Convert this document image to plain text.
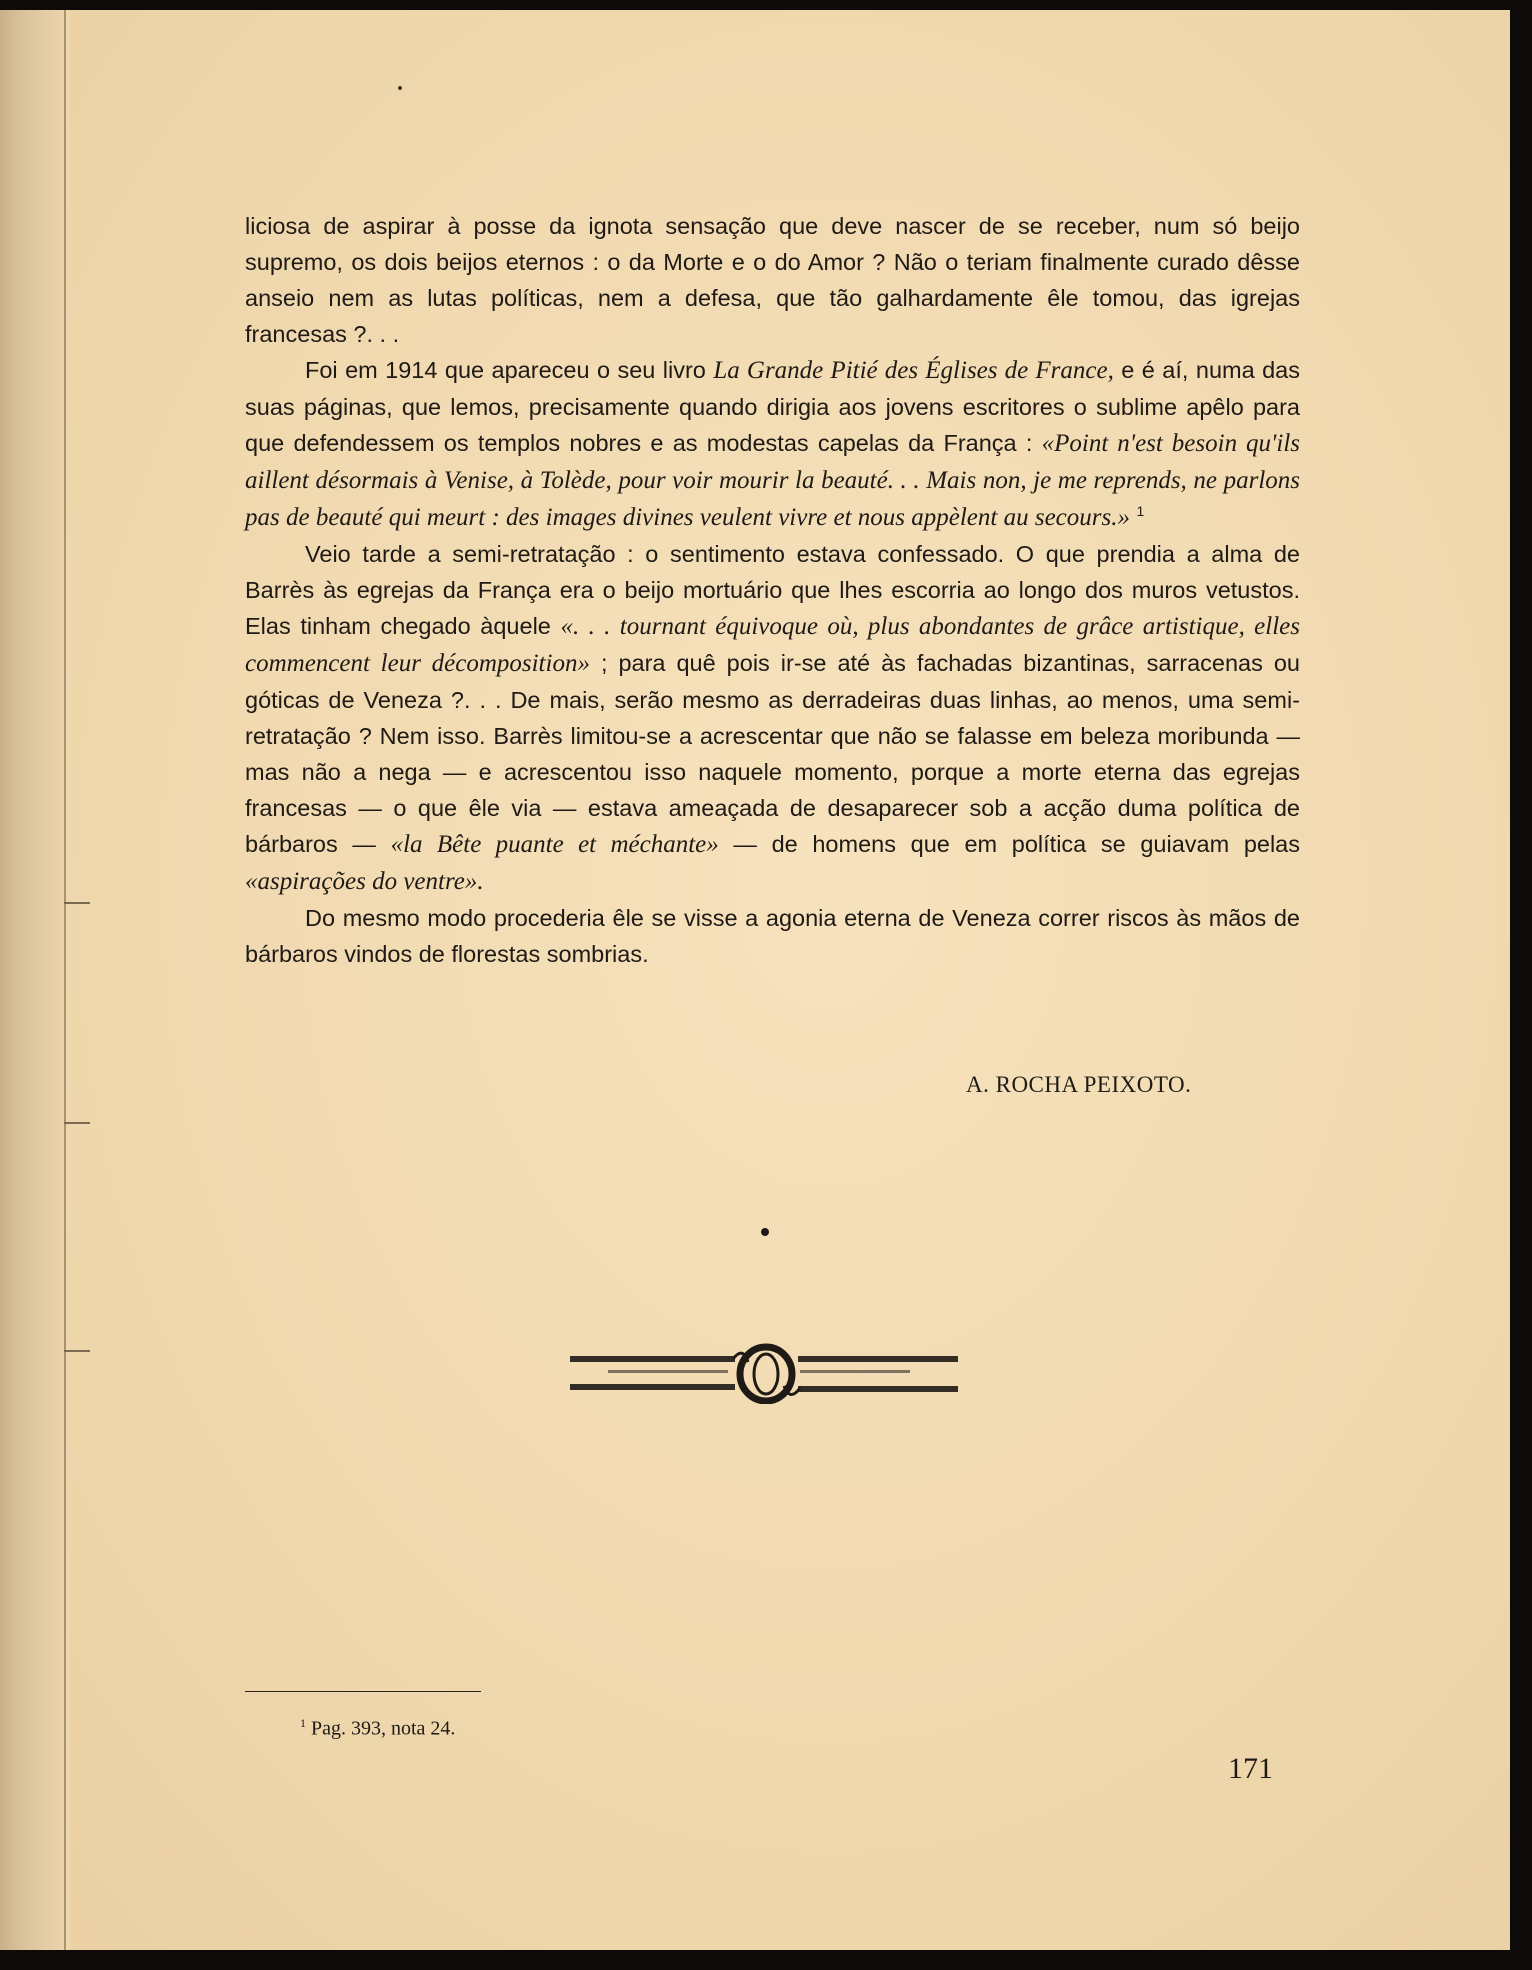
liciosa de aspirar à posse da ignota sensação que deve nascer de se receber, num só beijo supremo, os dois beijos eternos : o da Morte e o do Amor ? Não o teriam finalmente curado dêsse anseio nem as lutas políticas, nem a defesa, que tão galhardamente êle tomou, das igrejas francesas ?. . .

Foi em 1914 que apareceu o seu livro La Grande Pitié des Églises de France, e é aí, numa das suas páginas, que lemos, precisamente quando dirigia aos jovens escritores o sublime apêlo para que defendessem os templos nobres e as modestas capelas da França : «Point n'est besoin qu'ils aillent désormais à Venise, à Tolède, pour voir mourir la beauté. . . Mais non, je me reprends, ne parlons pas de beauté qui meurt : des images divines veulent vivre et nous appèlent au secours.» $^1$

Veio tarde a semi-retratação : o sentimento estava confessado. O que prendia a alma de Barrès às egrejas da França era o beijo mortuário que lhes escorria ao longo dos muros vetustos. Elas tinham chegado àquele «. . . tournant équivoque où, plus abondantes de grâce artistique, elles commencent leur décomposition» ; para quê pois ir-se até às fachadas bizantinas, sarracenas ou góticas de Veneza ?. . . De mais, serão mesmo as derradeiras duas linhas, ao menos, uma semi-retratação ? Nem isso. Barrès limitou-se a acrescentar que não se falasse em beleza moribunda — mas não a nega — e acrescentou isso naquele momento, porque a morte eterna das egrejas francesas — o que êle via — estava ameaçada de desaparecer sob a acção duma política de bárbaros — «la Bête puante et méchante» — de homens que em política se guiavam pelas «aspirações do ventre».

Do mesmo modo procederia êle se visse a agonia eterna de Veneza correr riscos às mãos de bárbaros vindos de florestas sombrias.

A. ROCHA PEIXOTO.
$^1$ Pag. 393, nota 24.
171
